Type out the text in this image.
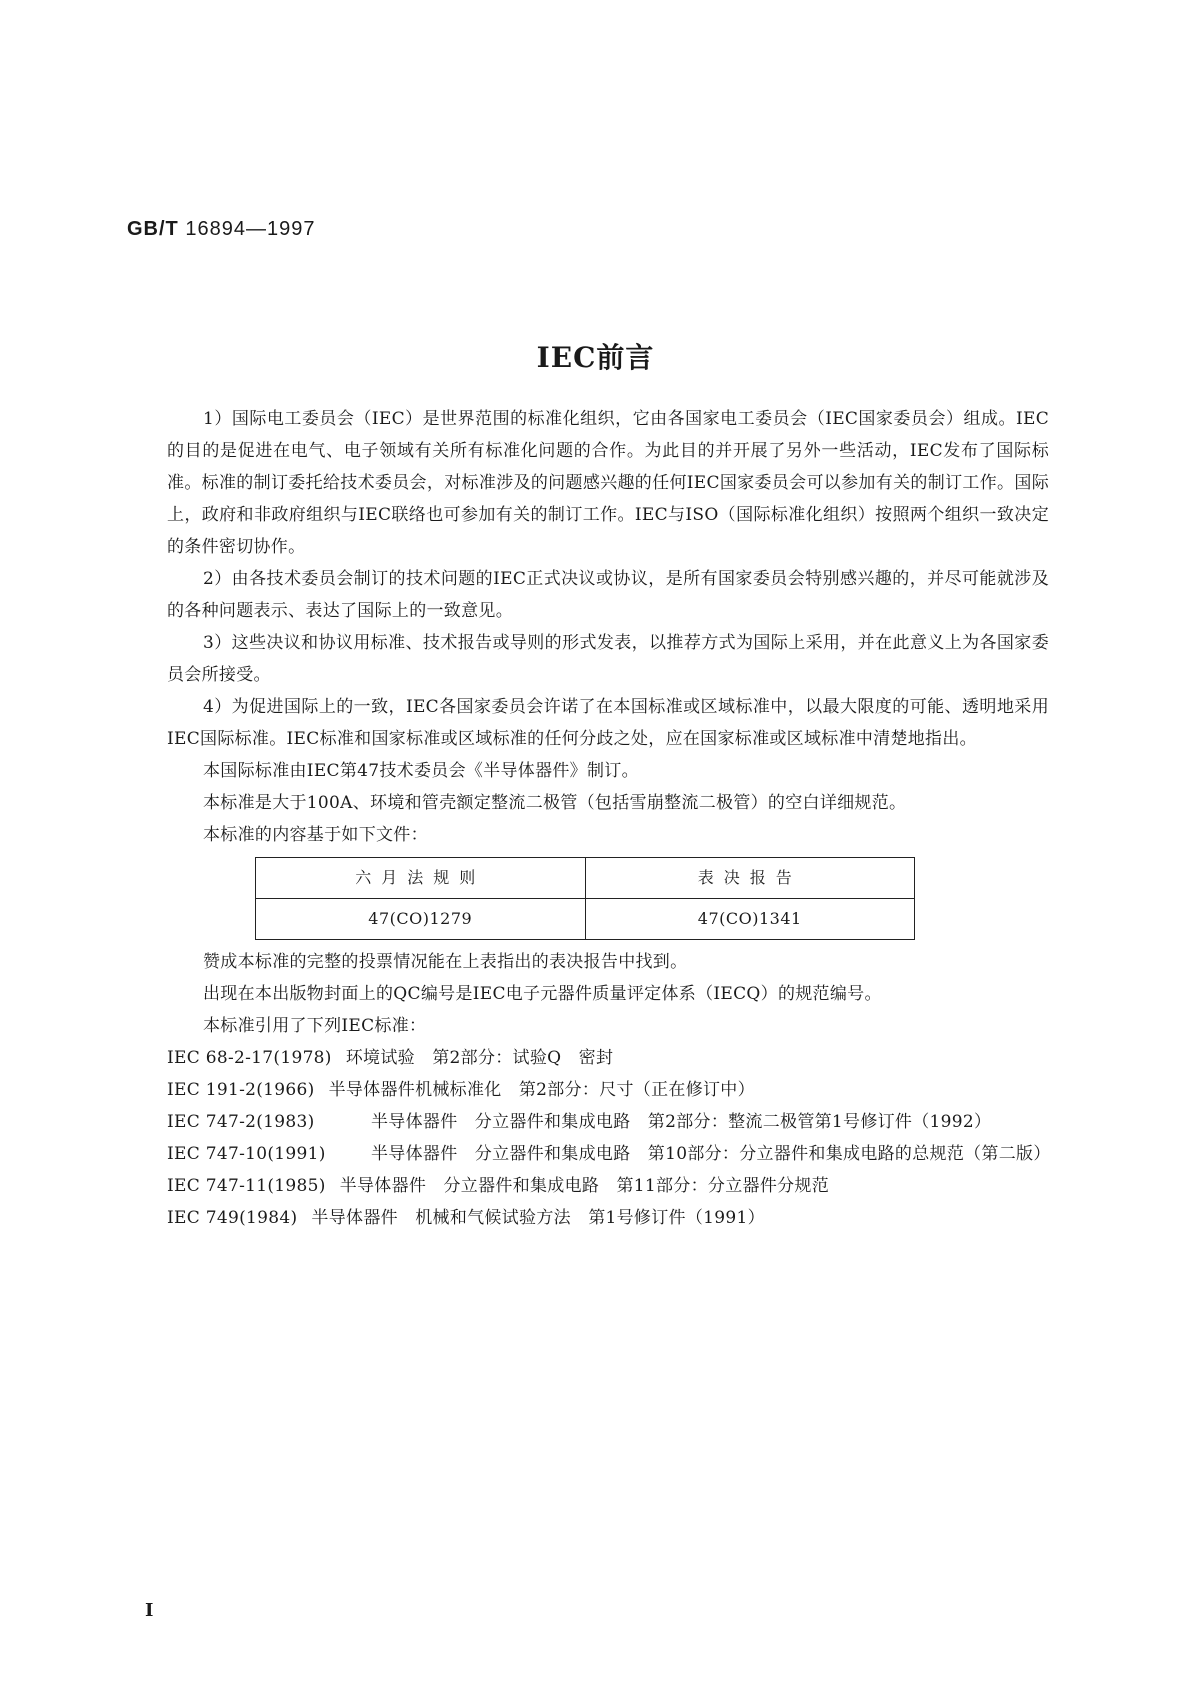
GB/T 16894—1997
IEC前言

1）国际电工委员会（IEC）是世界范围的标准化组织，它由各国家电工委员会（IEC国家委员会）组成。IEC的目的是促进在电气、电子领域有关所有标准化问题的合作。为此目的并开展了另外一些活动，IEC发布了国际标准。标准的制订委托给技术委员会，对标准涉及的问题感兴趣的任何IEC国家委员会可以参加有关的制订工作。国际上，政府和非政府组织与IEC联络也可参加有关的制订工作。IEC与ISO（国际标准化组织）按照两个组织一致决定的条件密切协作。

2）由各技术委员会制订的技术问题的IEC正式决议或协议，是所有国家委员会特别感兴趣的，并尽可能就涉及的各种问题表示、表达了国际上的一致意见。

3）这些决议和协议用标准、技术报告或导则的形式发表，以推荐方式为国际上采用，并在此意义上为各国家委员会所接受。

4）为促进国际上的一致，IEC各国家委员会许诺了在本国标准或区域标准中，以最大限度的可能、透明地采用IEC国际标准。IEC标准和国家标准或区域标准的任何分歧之处，应在国家标准或区域标准中清楚地指出。

本国际标准由IEC第47技术委员会《半导体器件》制订。

本标准是大于100A、环境和管壳额定整流二极管（包括雪崩整流二极管）的空白详细规范。

本标准的内容基于如下文件：

六月法规则	表决报告
47(CO)1279	47(CO)1341

赞成本标准的完整的投票情况能在上表指出的表决报告中找到。

出现在本出版物封面上的QC编号是IEC电子元器件质量评定体系（IECQ）的规范编号。

本标准引用了下列IEC标准：

IEC 68-2-17(1978) 环境试验　第2部分：试验Q　密封
IEC 191-2(1966) 半导体器件机械标准化　第2部分：尺寸（正在修订中）
IEC 747-2(1983)	半导体器件　分立器件和集成电路　第2部分：整流二极管第1号修订件（1992）
IEC 747-10(1991)	半导体器件　分立器件和集成电路　第10部分：分立器件和集成电路的总规范（第二版）
IEC 747-11(1985) 半导体器件　分立器件和集成电路　第11部分：分立器件分规范
IEC 749(1984) 半导体器件　机械和气候试验方法　第1号修订件（1991）
Ⅰ
